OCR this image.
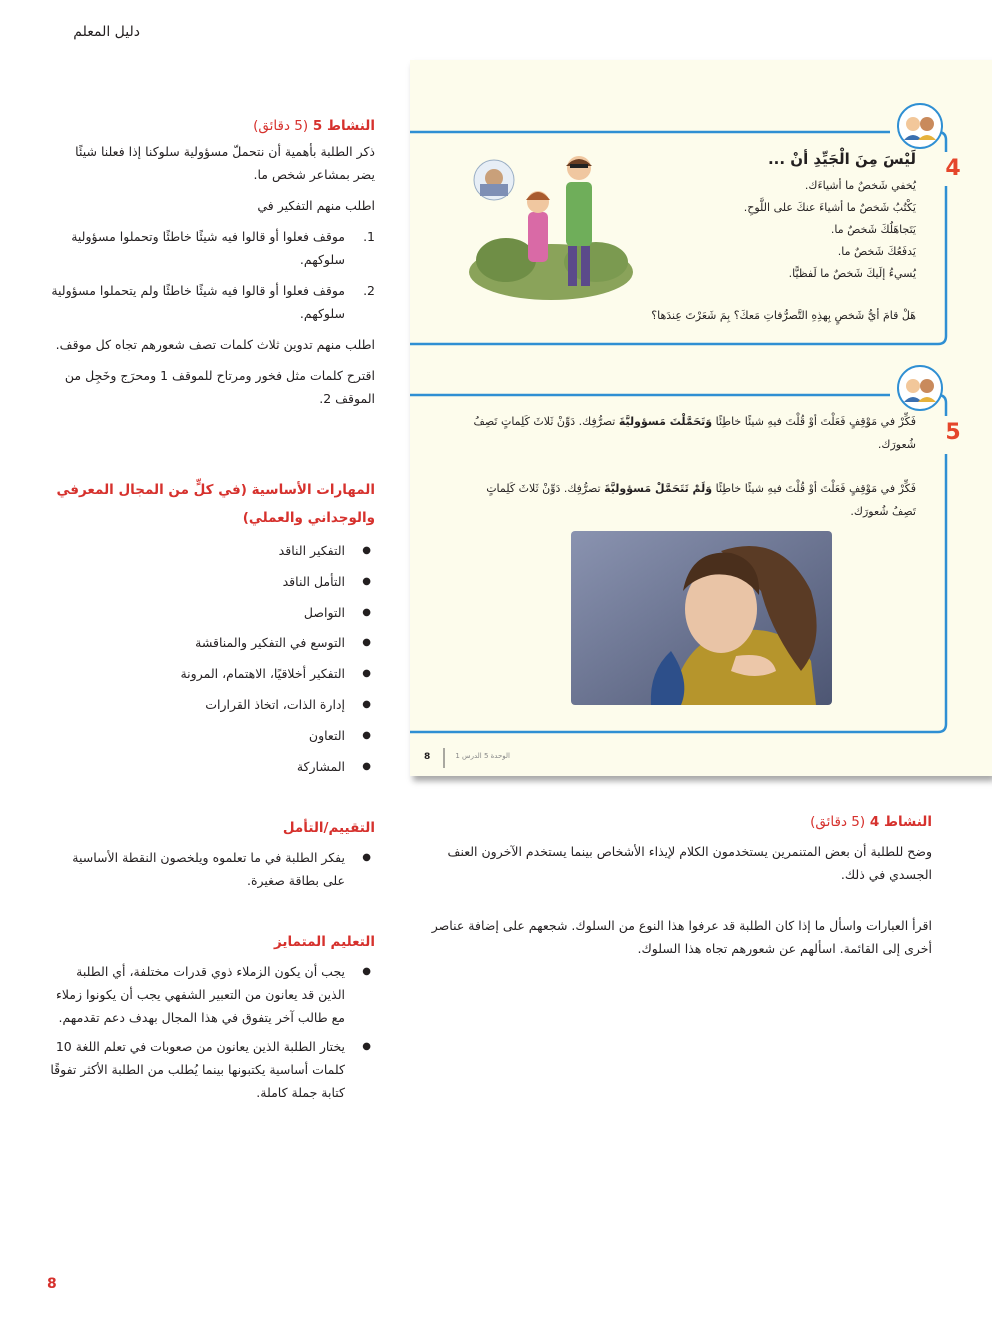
دليل المعلم
4
لَيْسَ مِنَ الْجَيِّدِ أنْ ...
يُخفي شَخصٌ ما أشياءَك.
يَكْتُبُ شَخصٌ ما أشياءَ عنكَ على اللَّوحِ.
يَتَجاهَلُكَ شَخصٌ ما.
يَدفَعُكَ شَخصٌ ما.
يُسيءُ إلَيكَ شَخصٌ ما لَفظيًّا.
هَلْ قامَ أيُّ شَخصٍ بِهذِهِ التَّصرُّفاتِ مَعكَ؟ بِمَ شَعَرْتَ عِندَها؟
5
فَكِّرْ في مَوْقِفٍ فَعَلْتَ أوْ قُلْتَ فيهِ شيئًا خاطِئًا وَتَحَمَّلْتَ مَسؤوليَّةَ تصرُّفِك. دَوِّنْ ثَلاثَ كَلِماتٍ تَصِفُ شُعورَك.
فَكِّرْ في مَوْقِفٍ فَعَلْتَ أوْ قُلْتَ فيهِ شيئًا خاطِئًا وَلَمْ تَتَحَمَّلْ مَسؤوليَّةَ تصرُّفِك. دَوِّنْ ثَلاثَ كَلِماتٍ تَصِفُ شُعورَك.
8	الوحدة 5 الدرس 1
النشاط 5 (5 دقائق)
ذكر الطلبة بأهمية أن نتحملّ مسؤولية سلوكنا إذا فعلنا شيئًا يضر بمشاعر شخص ما.
اطلب منهم التفكير في
1.
موقف فعلوا أو قالوا فيه شيئًا خاطئًا وتحملوا مسؤولية سلوكهم.
2.
موقف فعلوا أو قالوا فيه شيئًا خاطئًا ولم يتحملوا مسؤولية سلوكهم.
اطلب منهم تدوين ثلاث كلمات تصف شعورهم تجاه كل موقف.
اقترح كلمات مثل فخور ومرتاح للموقف 1 ومحرَج وخَجِل من الموقف 2.
المهارات الأساسية (في كلٍّ من المجال المعرفي
والوجداني والعملي)
●
التفكير الناقد
●
التأمل الناقد
●
التواصل
●
التوسع في التفكير والمناقشة
●
التفكير أخلاقيًا، الاهتمام، المرونة
●
إدارة الذات، اتخاذ القرارات
●
التعاون
●
المشاركة
التقييم/التأمل
●
يفكر الطلبة في ما تعلموه ويلخصون النقطة الأساسية على بطاقة صغيرة.
التعليم المتمايز
●
يجب أن يكون الزملاء ذوي قدرات مختلفة، أي الطلبة الذين قد يعانون من التعبير الشفهي يجب أن يكونوا زملاء مع طالب آخر يتفوق في هذا المجال بهدف دعم تقدمهم.
●
يختار الطلبة الذين يعانون من صعوبات في تعلم اللغة 10 كلمات أساسية يكتبونها بينما يُطلب من الطلبة الأكثر تفوقًا كتابة جملة كاملة.
النشاط 4 (5 دقائق)
وضح للطلبة أن بعض المتنمرين يستخدمون الكلام لإيذاء الأشخاص بينما يستخدم الآخرون العنف الجسدي في ذلك.
اقرأ العبارات واسأل ما إذا كان الطلبة قد عرفوا هذا النوع من السلوك. شجعهم على إضافة عناصر أخرى إلى القائمة. اسألهم عن شعورهم تجاه هذا السلوك.
8
